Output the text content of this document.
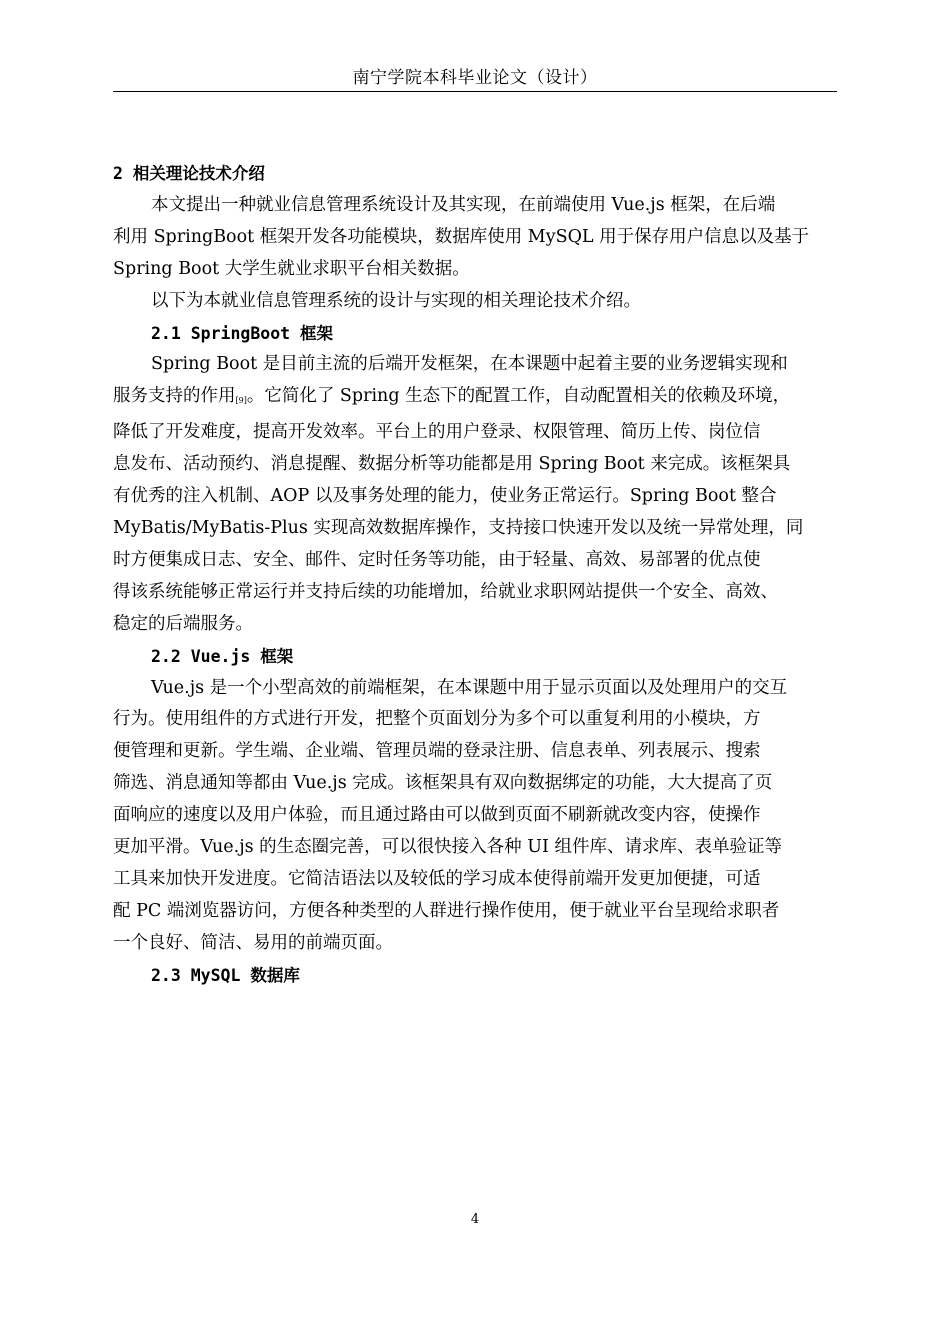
南宁学院本科毕业论文（设计）

2 相关理论技术介绍

本文提出一种就业信息管理系统设计及其实现，在前端使用 Vue.js 框架，在后端

利用 SpringBoot 框架开发各功能模块，数据库使用 MySQL 用于保存用户信息以及基于

Spring Boot 大学生就业求职平台相关数据。

以下为本就业信息管理系统的设计与实现的相关理论技术介绍。

2.1 SpringBoot 框架

Spring Boot 是目前主流的后端开发框架，在本课题中起着主要的业务逻辑实现和

服务支持的作用$_{[9]}$。它简化了 Spring 生态下的配置工作，自动配置相关的依赖及环境，

降低了开发难度，提高开发效率。平台上的用户登录、权限管理、简历上传、岗位信

息发布、活动预约、消息提醒、数据分析等功能都是用 Spring Boot 来完成。该框架具

有优秀的注入机制、AOP 以及事务处理的能力，使业务正常运行。Spring Boot 整合

MyBatis/MyBatis-Plus 实现高效数据库操作，支持接口快速开发以及统一异常处理，同

时方便集成日志、安全、邮件、定时任务等功能，由于轻量、高效、易部署的优点使

得该系统能够正常运行并支持后续的功能增加，给就业求职网站提供一个安全、高效、

稳定的后端服务。

2.2 Vue.js 框架

Vue.js 是一个小型高效的前端框架，在本课题中用于显示页面以及处理用户的交互

行为。使用组件的方式进行开发，把整个页面划分为多个可以重复利用的小模块，方

便管理和更新。学生端、企业端、管理员端的登录注册、信息表单、列表展示、搜索

筛选、消息通知等都由 Vue.js 完成。该框架具有双向数据绑定的功能，大大提高了页

面响应的速度以及用户体验，而且通过路由可以做到页面不刷新就改变内容，使操作

更加平滑。Vue.js 的生态圈完善，可以很快接入各种 UI 组件库、请求库、表单验证等

工具来加快开发进度。它简洁语法以及较低的学习成本使得前端开发更加便捷，可适

配 PC 端浏览器访问，方便各种类型的人群进行操作使用，便于就业平台呈现给求职者

一个良好、简洁、易用的前端页面。

2.3 MySQL 数据库

4
